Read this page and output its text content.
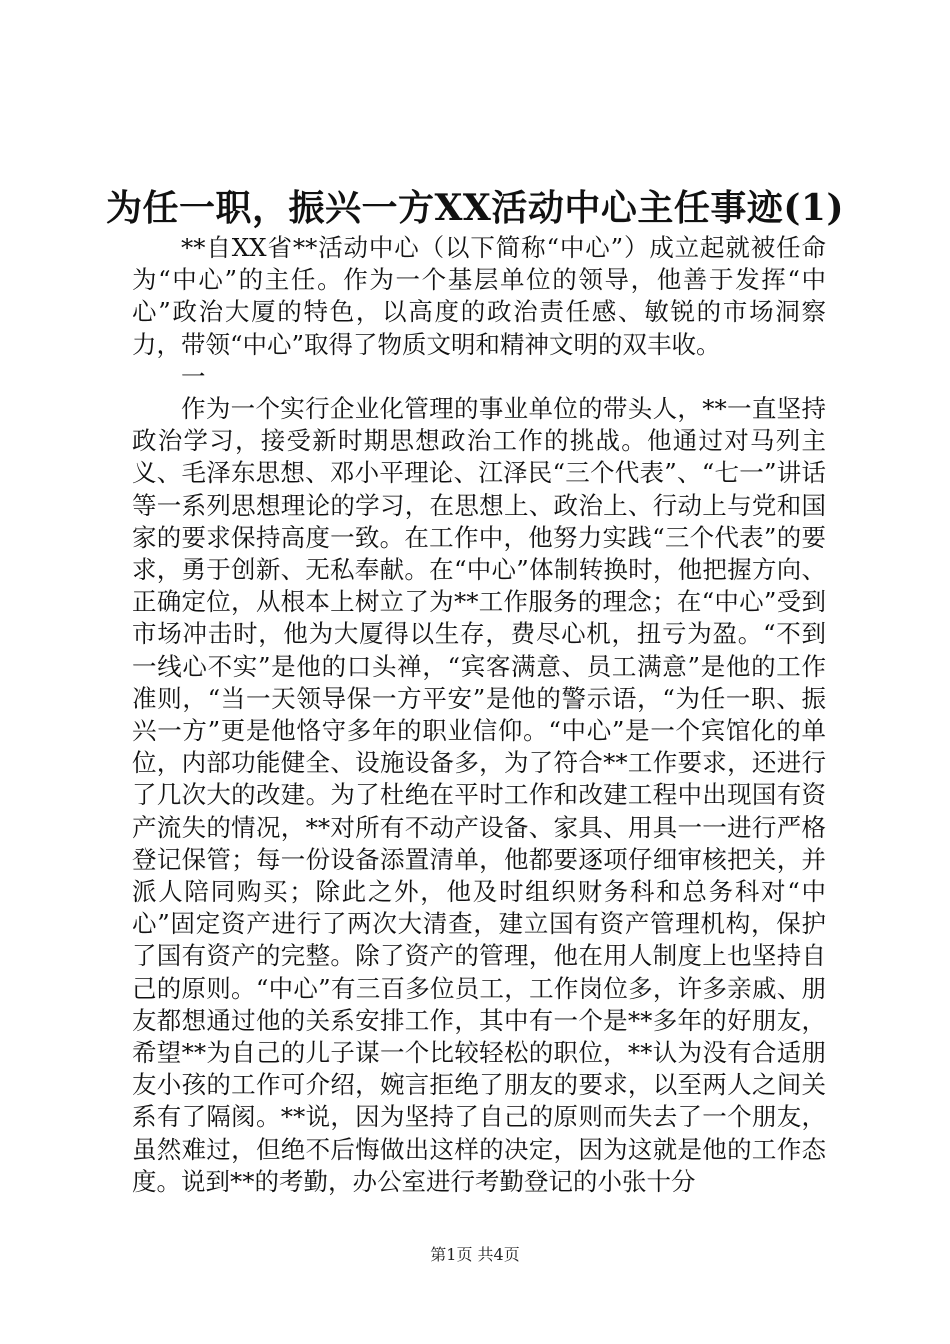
为任一职，振兴一方XX活动中心主任事迹(1)

**自XX省**活动中心（以下简称“中心”）成立起就被任命为“中心”的主任。作为一个基层单位的领导，他善于发挥“中心”政治大厦的特色，以高度的政治责任感、敏锐的市场洞察力，带领“中心”取得了物质文明和精神文明的双丰收。

一

作为一个实行企业化管理的事业单位的带头人，**一直坚持政治学习，接受新时期思想政治工作的挑战。他通过对马列主义、毛泽东思想、邓小平理论、江泽民“三个代表”、“七一”讲话等一系列思想理论的学习，在思想上、政治上、行动上与党和国家的要求保持高度一致。在工作中，他努力实践“三个代表”的要求，勇于创新、无私奉献。在“中心”体制转换时，他把握方向、正确定位，从根本上树立了为**工作服务的理念；在“中心”受到市场冲击时，他为大厦得以生存，费尽心机，扭亏为盈。“不到一线心不实”是他的口头禅，“宾客满意、员工满意”是他的工作准则，“当一天领导保一方平安”是他的警示语，“为任一职、振兴一方”更是他恪守多年的职业信仰。“中心”是一个宾馆化的单位，内部功能健全、设施设备多，为了符合**工作要求，还进行了几次大的改建。为了杜绝在平时工作和改建工程中出现国有资产流失的情况，**对所有不动产设备、家具、用具一一进行严格登记保管；每一份设备添置清单，他都要逐项仔细审核把关，并派人陪同购买；除此之外，他及时组织财务科和总务科对“中心”固定资产进行了两次大清查，建立国有资产管理机构，保护了国有资产的完整。除了资产的管理，他在用人制度上也坚持自己的原则。“中心”有三百多位员工，工作岗位多，许多亲戚、朋友都想通过他的关系安排工作，其中有一个是**多年的好朋友，希望**为自己的儿子谋一个比较轻松的职位，**认为没有合适朋友小孩的工作可介绍，婉言拒绝了朋友的要求，以至两人之间关系有了隔阂。**说，因为坚持了自己的原则而失去了一个朋友，虽然难过，但绝不后悔做出这样的决定，因为这就是他的工作态度。说到**的考勤，办公室进行考勤登记的小张十分

第1页 共4页
